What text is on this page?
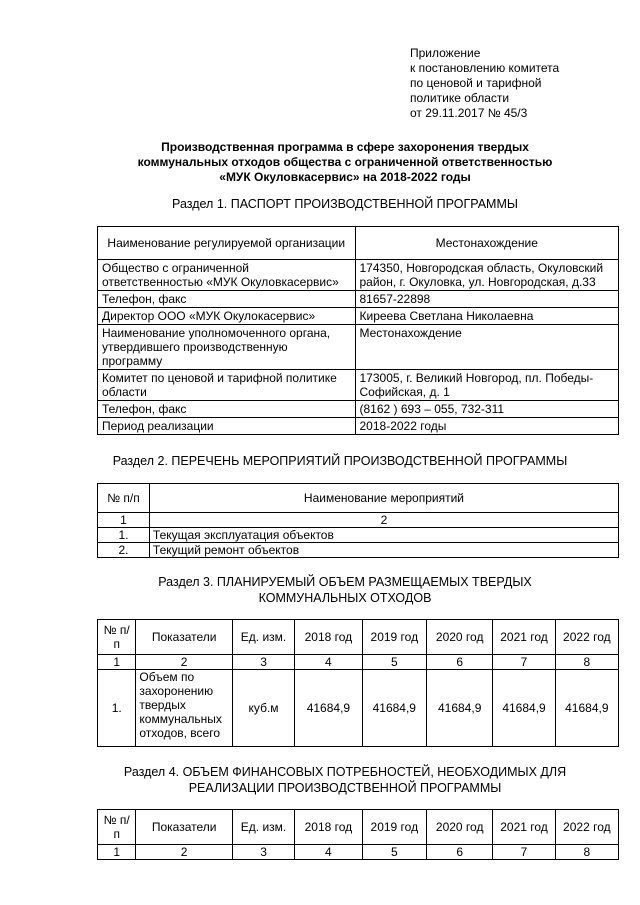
Приложение
к постановлению комитета
по ценовой и тарифной
политике области
от 29.11.2017 № 45/3
Производственная программа в сфере захоронения твердых
коммунальных отходов общества с ограниченной ответственностью
«МУК Окуловкасервис» на 2018-2022 годы
Раздел 1. ПАСПОРТ ПРОИЗВОДСТВЕННОЙ ПРОГРАММЫ
Наименование регулируемой организации	Местонахождение
Общество с ограниченной ответственностью «МУК Окуловкасервис»	174350, Новгородская область, Окуловский район, г. Окуловка, ул. Новгородская, д.33
Телефон, факс	81657-22898
Директор ООО «МУК Окулокасервис»	Киреева Светлана Николаевна
Наименование уполномоченного органа, утвердившего производственную программу	Местонахождение
Комитет по ценовой и тарифной политике области	173005, г. Великий Новгород, пл. Победы-Софийская, д. 1
Телефон, факс	(8162 ) 693 – 055, 732-311
Период реализации	2018-2022 годы
Раздел 2. ПЕРЕЧЕНЬ МЕРОПРИЯТИЙ ПРОИЗВОДСТВЕННОЙ ПРОГРАММЫ
№ п/п	Наименование мероприятий
1	2
1.	Текущая эксплуатация объектов
2.	Текущий ремонт объектов
Раздел 3. ПЛАНИРУЕМЫЙ ОБЪЕМ РАЗМЕЩАЕМЫХ ТВЕРДЫХ
КОММУНАЛЬНЫХ ОТХОДОВ
№ п/п	Показатели	Ед. изм.	2018 год	2019 год	2020 год	2021 год	2022 год
1	2	3	4	5	6	7	8
1.	Объем по захоронению твердых коммунальных отходов, всего	куб.м	41684,9	41684,9	41684,9	41684,9	41684,9
Раздел 4. ОБЪЕМ ФИНАНСОВЫХ ПОТРЕБНОСТЕЙ, НЕОБХОДИМЫХ ДЛЯ
РЕАЛИЗАЦИИ ПРОИЗВОДСТВЕННОЙ ПРОГРАММЫ
№ п/п	Показатели	Ед. изм.	2018 год	2019 год	2020 год	2021 год	2022 год
1	2	3	4	5	6	7	8
